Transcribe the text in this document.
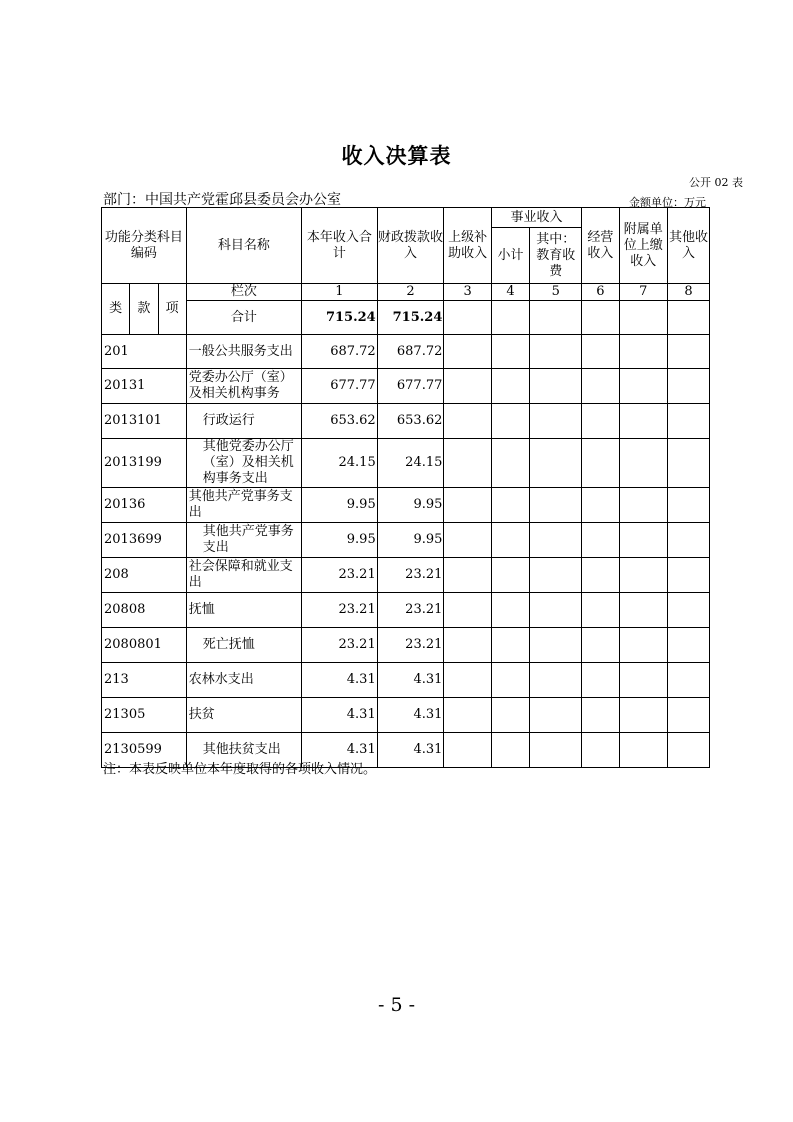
收入决算表
公开 02 表
部门：中国共产党霍邱县委员会办公室	金额单位：万元
功能分类科目编码			科目名称	本年收入合计	财政拨款收入	上级补助收入	事业收入		经营收入	附属单位上缴收入	其他收入
							小计	其中：教育收费			

类	款	项	栏次	1	2	3	4	5	6	7	8
			合计	715.24	715.24						
201			一般公共服务支出	687.72	687.72						
20131			党委办公厅（室）及相关机构事务	677.77	677.77						
2013101			行政运行	653.62	653.62						
2013199			其他党委办公厅（室）及相关机构事务支出	24.15	24.15						
20136			其他共产党事务支出	9.95	9.95						
2013699			其他共产党事务支出	9.95	9.95						
208			社会保障和就业支出	23.21	23.21						
20808			抚恤	23.21	23.21						
2080801			死亡抚恤	23.21	23.21						
213			农林水支出	4.31	4.31						
21305			扶贫	4.31	4.31						
2130599			其他扶贫支出	4.31	4.31						
注：本表反映单位本年度取得的各项收入情况。
- 5 -
